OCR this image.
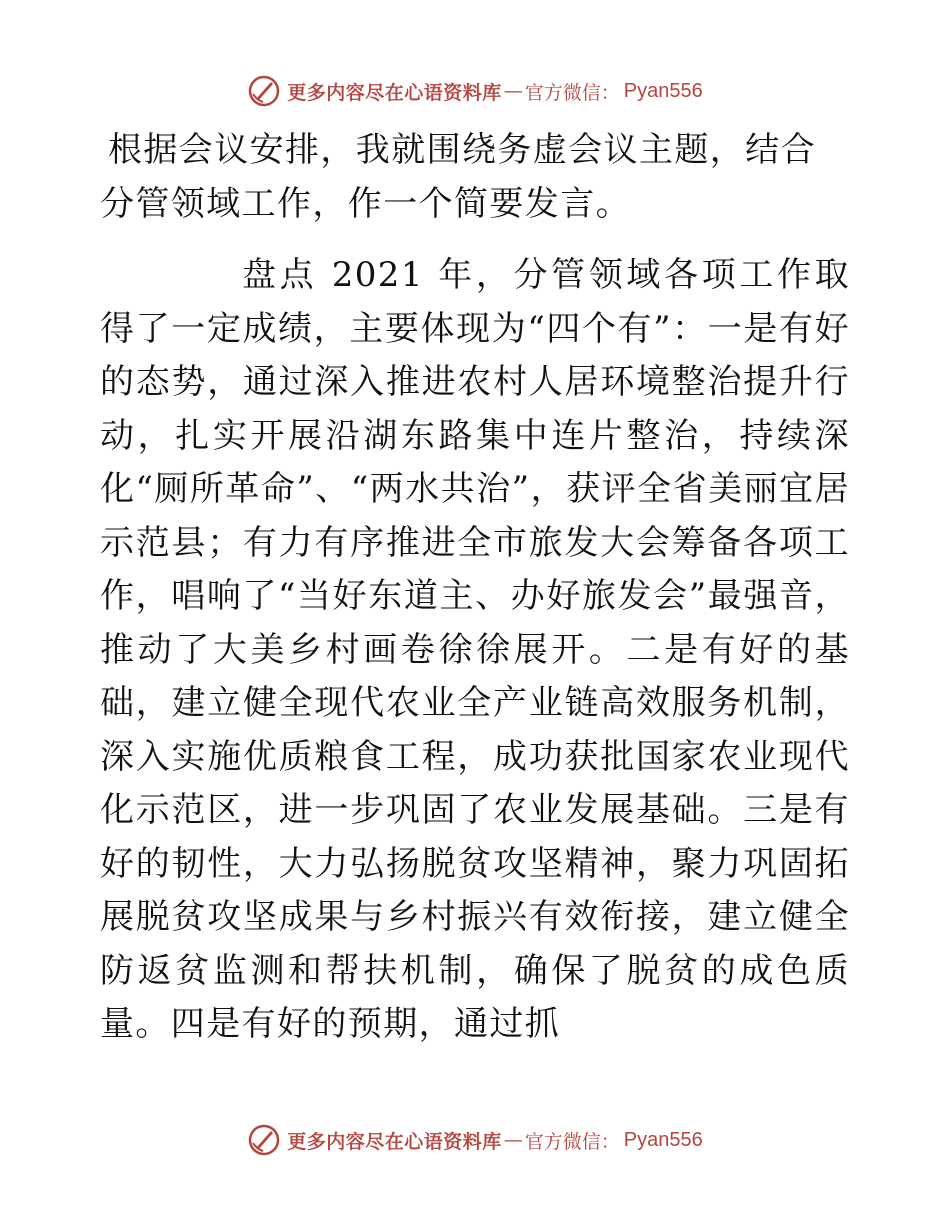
更多内容尽在心语资料库 — 官方微信： Pyan556

根据会议安排，我就围绕务虚会议主题，结合分管领域工作，作一个简要发言。

盘点 2021 年，分管领域各项工作取得了一定成绩，主要体现为“四个有”：一是有好的态势，通过深入推进农村人居环境整治提升行动，扎实开展沿湖东路集中连片整治，持续深化“厕所革命”、“两水共治”，获评全省美丽宜居示范县；有力有序推进全市旅发大会筹备各项工作，唱响了“当好东道主、办好旅发会”最强音，推动了大美乡村画卷徐徐展开。二是有好的基础，建立健全现代农业全产业链高效服务机制，深入实施优质粮食工程，成功获批国家农业现代化示范区，进一步巩固了农业发展基础。三是有好的韧性，大力弘扬脱贫攻坚精神，聚力巩固拓展脱贫攻坚成果与乡村振兴有效衔接，建立健全防返贫监测和帮扶机制，确保了脱贫的成色质量。四是有好的预期，通过抓

更多内容尽在心语资料库 — 官方微信： Pyan556
